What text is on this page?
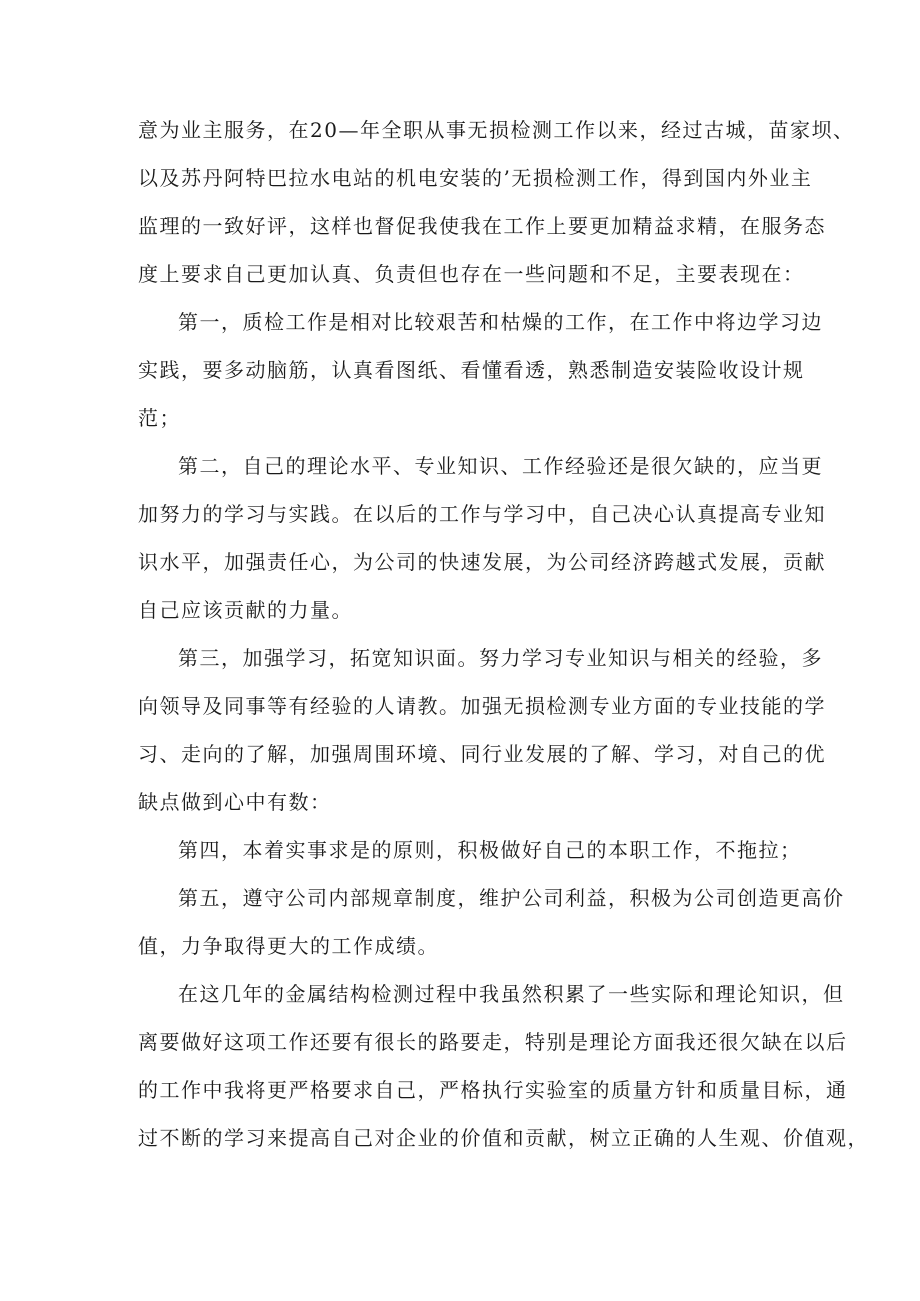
意为业主服务，在20—年全职从事无损检测工作以来，经过古城，苗家坝、
以及苏丹阿特巴拉水电站的机电安装的’无损检测工作，得到国内外业主
监理的一致好评，这样也督促我使我在工作上要更加精益求精，在服务态
度上要求自己更加认真、负责但也存在一些问题和不足，主要表现在：
第一，质检工作是相对比较艰苦和枯燥的工作，在工作中将边学习边
实践，要多动脑筋，认真看图纸、看懂看透，熟悉制造安装险收设计规
范；
第二，自己的理论水平、专业知识、工作经验还是很欠缺的，应当更
加努力的学习与实践。在以后的工作与学习中，自己决心认真提高专业知
识水平，加强责任心，为公司的快速发展，为公司经济跨越式发展，贡献
自己应该贡献的力量。
第三，加强学习，拓宽知识面。努力学习专业知识与相关的经验，多
向领导及同事等有经验的人请教。加强无损检测专业方面的专业技能的学
习、走向的了解，加强周围环境、同行业发展的了解、学习，对自己的优
缺点做到心中有数：
第四，本着实事求是的原则，积极做好自己的本职工作，不拖拉；
第五，遵守公司内部规章制度，维护公司利益，积极为公司创造更高价
值，力争取得更大的工作成绩。
在这几年的金属结构检测过程中我虽然积累了一些实际和理论知识，但
离要做好这项工作还要有很长的路要走，特别是理论方面我还很欠缺在以后
的工作中我将更严格要求自己，严格执行实验室的质量方针和质量目标，通
过不断的学习来提高自己对企业的价值和贡献，树立正确的人生观、价值观，
